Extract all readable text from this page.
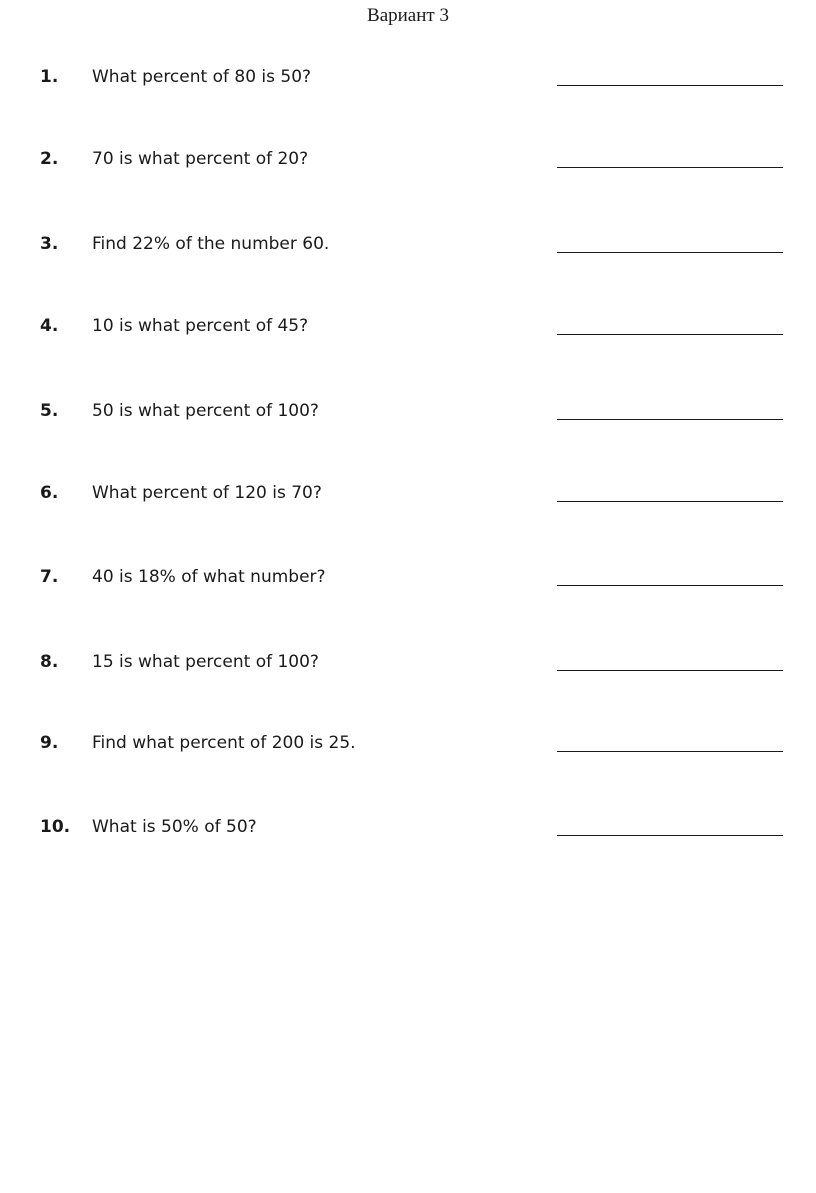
Вариант 3
1. What percent of 80 is 50?
2. 70 is what percent of 20?
3. Find 22% of the number 60.
4. 10 is what percent of 45?
5. 50 is what percent of 100?
6. What percent of 120 is 70?
7. 40 is 18% of what number?
8. 15 is what percent of 100?
9. Find what percent of 200 is 25.
10. What is 50% of 50?
